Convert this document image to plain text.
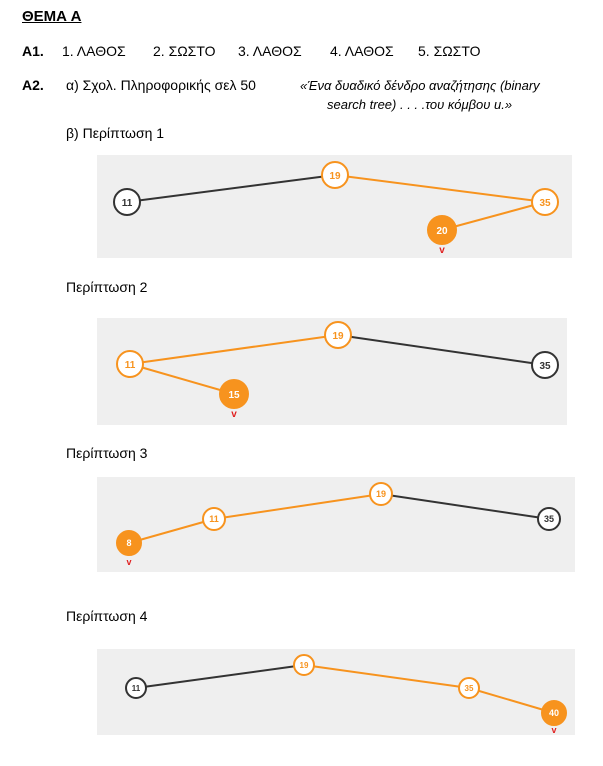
ΘΕΜΑ Α
Α1. 1. ΛΑΘΟΣ 2. ΣΩΣΤΟ 3. ΛΑΘΟΣ 4. ΛΑΘΟΣ 5. ΣΩΣΤΟ
Α2. α) Σχολ. Πληροφορικής σελ 50	«Ένα δυαδικό δένδρο αναζήτησης (binary
search tree) . . . .του κόμβου u.»
β) Περίπτωση 1
Περίπτωση 2
Περίπτωση 3
Περίπτωση 4
11
19
35
20
v
11
19
35
15
v
8
11
19
35
v
11
19
35
40
v
